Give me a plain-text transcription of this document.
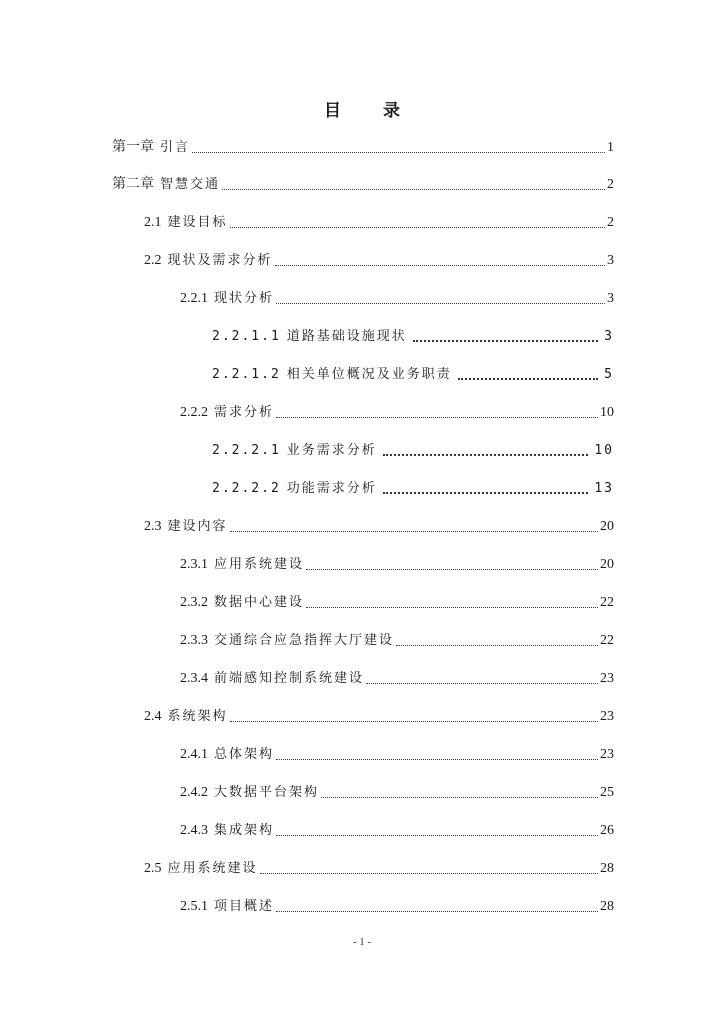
目 录
第一章 引言	1
第二章 智慧交通	2
2.1 建设目标	2
2.2 现状及需求分析	3
2.2.1 现状分析	3
2.2.1.1 道路基础设施现状	3
2.2.1.2 相关单位概况及业务职责	5
2.2.2 需求分析	10
2.2.2.1 业务需求分析	10
2.2.2.2 功能需求分析	13
2.3 建设内容	20
2.3.1 应用系统建设	20
2.3.2 数据中心建设	22
2.3.3 交通综合应急指挥大厅建设	22
2.3.4 前端感知控制系统建设	23
2.4 系统架构	23
2.4.1 总体架构	23
2.4.2 大数据平台架构	25
2.4.3 集成架构	26
2.5 应用系统建设	28
2.5.1 项目概述	28
- 1 -
